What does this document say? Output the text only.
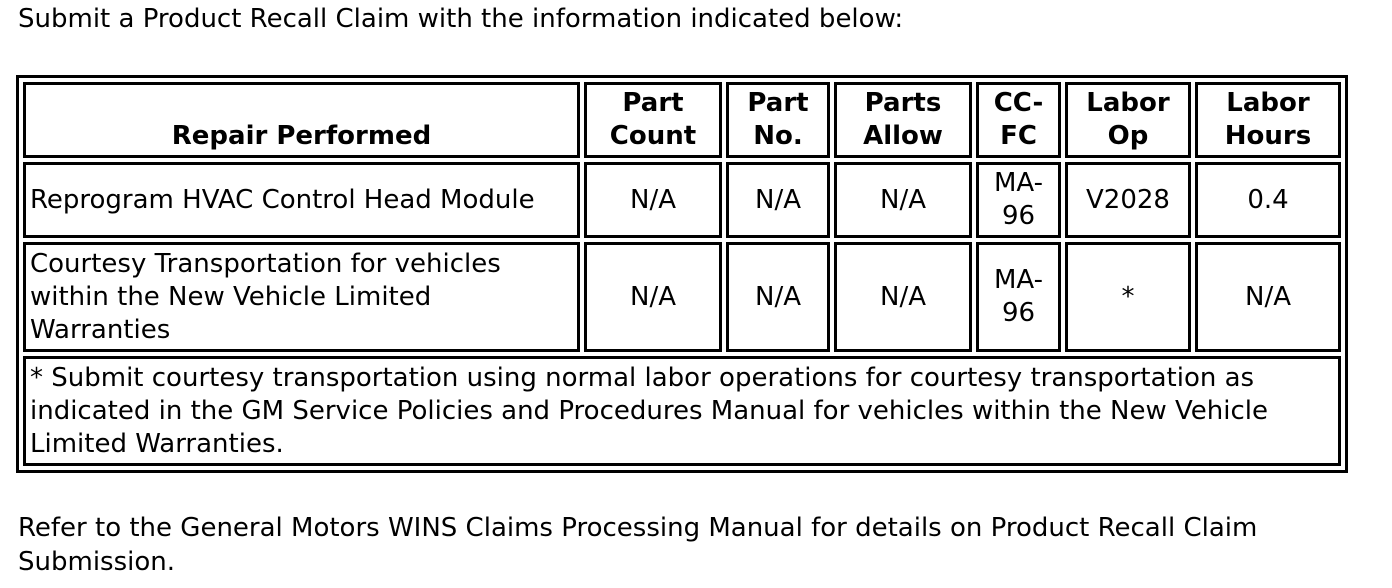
Submit a Product Recall Claim with the information indicated below:

Repair Performed	Part Count	Part No.	Parts Allow	CC-FC	Labor Op	Labor Hours
Reprogram HVAC Control Head Module	N/A	N/A	N/A	MA-96	V2028	0.4
Courtesy Transportation for vehicles within the New Vehicle Limited Warranties	N/A	N/A	N/A	MA-96	*	N/A
* Submit courtesy transportation using normal labor operations for courtesy transportation as indicated in the GM Service Policies and Procedures Manual for vehicles within the New Vehicle Limited Warranties.						

Refer to the General Motors WINS Claims Processing Manual for details on Product Recall Claim Submission.
